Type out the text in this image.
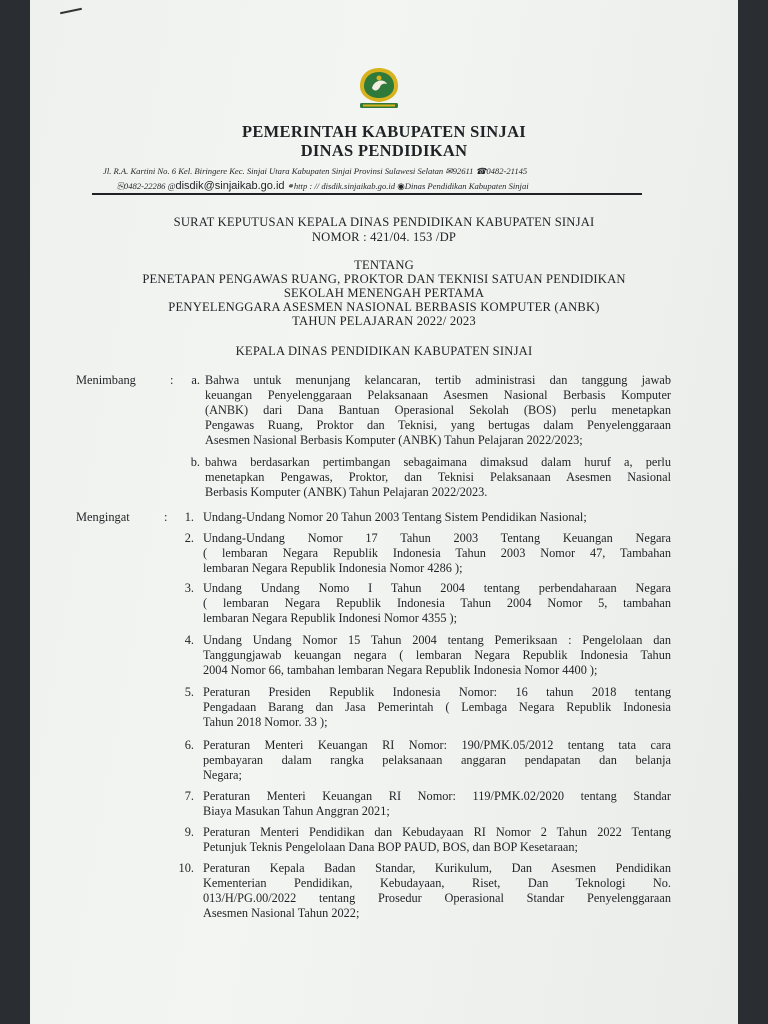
PEMERINTAH KABUPATEN SINJAI
DINAS PENDIDIKAN
Jl. R.A. Kartini No. 6 Kel. Biringere Kec. Sinjai Utara Kabupaten Sinjai Provinsi Sulawesi Selatan ✉92611 ☎0482-21145
⎘0482-22286 @disdik@sinjaikab.go.id ⚭http : // disdik.sinjaikab.go.id ◉Dinas Pendidikan Kabupaten Sinjai
SURAT KEPUTUSAN KEPALA DINAS PENDIDIKAN KABUPATEN SINJAI
NOMOR : 421/04. 153 /DP
TENTANG
PENETAPAN PENGAWAS RUANG, PROKTOR DAN TEKNISI SATUAN PENDIDIKAN
SEKOLAH MENENGAH PERTAMA
PENYELENGGARA ASESMEN NASIONAL BERBASIS KOMPUTER (ANBK)
TAHUN PELAJARAN 2022/ 2023
KEPALA DINAS PENDIDIKAN KABUPATEN SINJAI
Menimbang	:	a. Bahwa untuk menunjang kelancaran, tertib administrasi dan tanggung jawab
keuangan Penyelenggaraan Pelaksanaan Asesmen Nasional Berbasis Komputer
(ANBK) dari Dana Bantuan Operasional Sekolah (BOS) perlu menetapkan
Pengawas Ruang, Proktor dan Teknisi, yang bertugas dalam Penyelenggaraan
Asesmen Nasional Berbasis Komputer (ANBK) Tahun Pelajaran 2022/2023;
b. bahwa berdasarkan pertimbangan sebagaimana dimaksud dalam huruf a, perlu
menetapkan Pengawas, Proktor, dan Teknisi Pelaksanaan Asesmen Nasional
Berbasis Komputer (ANBK) Tahun Pelajaran 2022/2023.
Mengingat	:	1. Undang-Undang Nomor 20 Tahun 2003 Tentang Sistem Pendidikan Nasional;
2. Undang-Undang Nomor 17 Tahun 2003 Tentang Keuangan Negara
( lembaran Negara Republik Indonesia Tahun 2003 Nomor 47, Tambahan
lembaran Negara Republik Indonesia Nomor 4286 );
3. Undang Undang Nomo I Tahun 2004 tentang perbendaharaan Negara
( lembaran Negara Republik Indonesia Tahun 2004 Nomor 5, tambahan
lembaran Negara Republik Indonesi Nomor 4355 );
4. Undang Undang Nomor 15 Tahun 2004 tentang Pemeriksaan : Pengelolaan dan
Tanggungjawab keuangan negara ( lembaran Negara Republik Indonesia Tahun
2004 Nomor 66, tambahan lembaran Negara Republik Indonesia Nomor 4400 );
5. Peraturan Presiden Republik Indonesia Nomor: 16 tahun 2018 tentang
Pengadaan Barang dan Jasa Pemerintah ( Lembaga Negara Republik Indonesia
Tahun 2018 Nomor. 33 );
6. Peraturan Menteri Keuangan RI Nomor: 190/PMK.05/2012 tentang tata cara
pembayaran dalam rangka pelaksanaan anggaran pendapatan dan belanja
Negara;
7. Peraturan Menteri Keuangan RI Nomor: 119/PMK.02/2020 tentang Standar
Biaya Masukan Tahun Anggran 2021;
9. Peraturan Menteri Pendidikan dan Kebudayaan RI Nomor 2 Tahun 2022 Tentang
Petunjuk Teknis Pengelolaan Dana BOP PAUD, BOS, dan BOP Kesetaraan;
10. Peraturan Kepala Badan Standar, Kurikulum, Dan Asesmen Pendidikan
Kementerian Pendidikan, Kebudayaan, Riset, Dan Teknologi No.
013/H/PG.00/2022 tentang Prosedur Operasional Standar Penyelenggaraan
Asesmen Nasional Tahun 2022;
